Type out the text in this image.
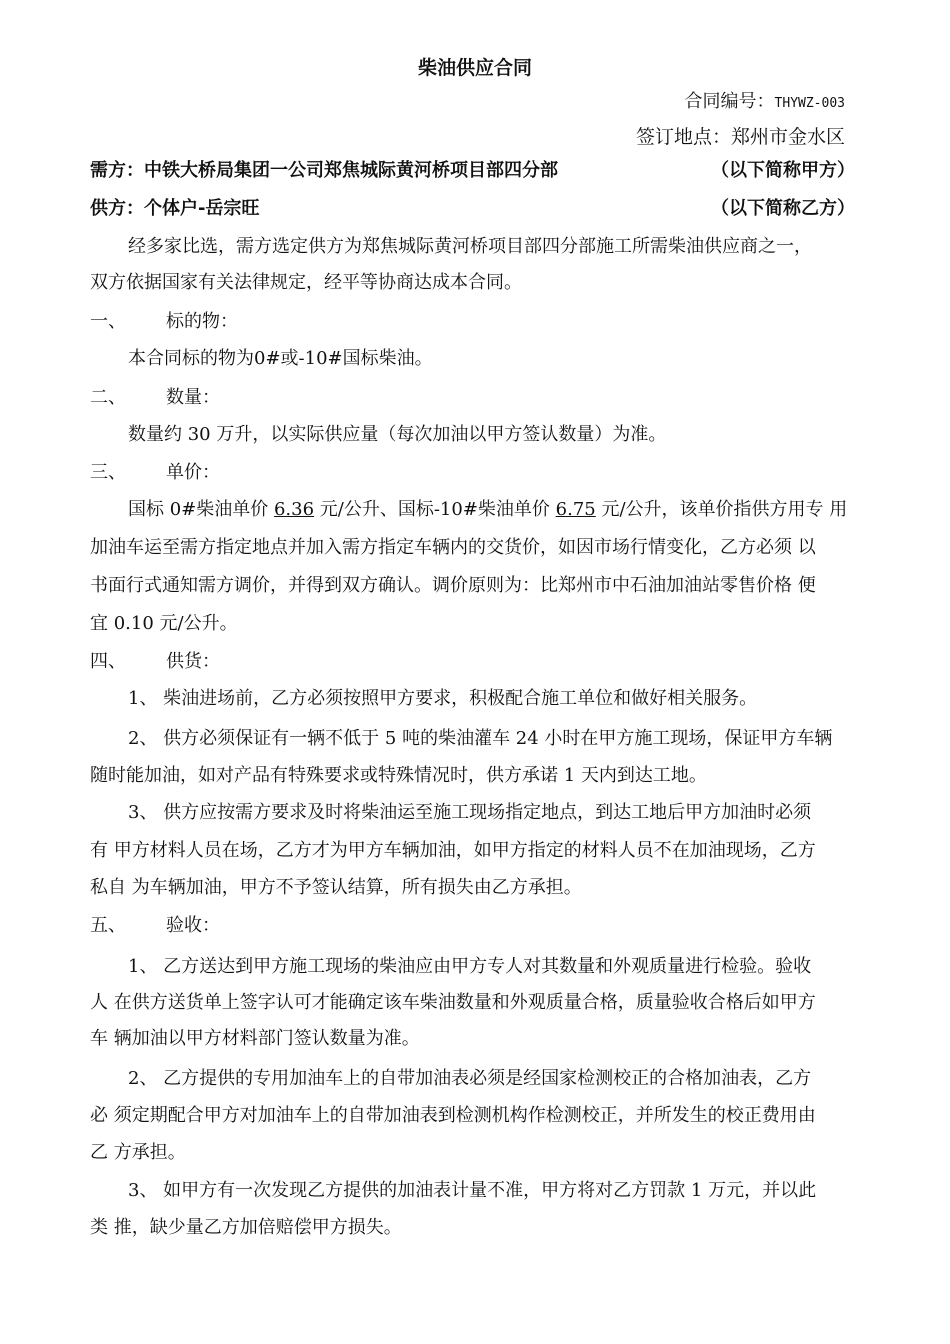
柴油供应合同
合同编号：THYWZ-003
签订地点：郑州市金水区
需方：中铁大桥局集团一公司郑焦城际黄河桥项目部四分部	（以下简称甲方）
供方：个体户-岳宗旺	（以下简称乙方）
经多家比选，需方选定供方为郑焦城际黄河桥项目部四分部施工所需柴油供应商之一，
双方依据国家有关法律规定，经平等协商达成本合同。
一、 标的物：
本合同标的物为0#或-10#国标柴油。
二、 数量：
数量约 30 万升，以实际供应量（每次加油以甲方签认数量）为准。
三、 单价：
国标 0#柴油单价 6.36 元/公升、国标-10#柴油单价 6.75 元/公升，该单价指供方用专 用
加油车运至需方指定地点并加入需方指定车辆内的交货价，如因市场行情变化，乙方必须 以
书面行式通知需方调价，并得到双方确认。调价原则为：比郑州市中石油加油站零售价格 便
宜 0.10 元/公升。
四、 供货：
1、 柴油进场前，乙方必须按照甲方要求，积极配合施工单位和做好相关服务。
2、 供方必须保证有一辆不低于 5 吨的柴油灌车 24 小时在甲方施工现场，保证甲方车辆
随时能加油，如对产品有特殊要求或特殊情况时，供方承诺 1 天内到达工地。
3、 供方应按需方要求及时将柴油运至施工现场指定地点，到达工地后甲方加油时必须
有 甲方材料人员在场，乙方才为甲方车辆加油，如甲方指定的材料人员不在加油现场，乙方
私自 为车辆加油，甲方不予签认结算，所有损失由乙方承担。
五、 验收：
1、 乙方送达到甲方施工现场的柴油应由甲方专人对其数量和外观质量进行检验。验收
人 在供方送货单上签字认可才能确定该车柴油数量和外观质量合格，质量验收合格后如甲方
车 辆加油以甲方材料部门签认数量为准。
2、 乙方提供的专用加油车上的自带加油表必须是经国家检测校正的合格加油表，乙方
必 须定期配合甲方对加油车上的自带加油表到检测机构作检测校正，并所发生的校正费用由
乙 方承担。
3、 如甲方有一次发现乙方提供的加油表计量不准，甲方将对乙方罚款 1 万元，并以此
类 推，缺少量乙方加倍赔偿甲方损失。
